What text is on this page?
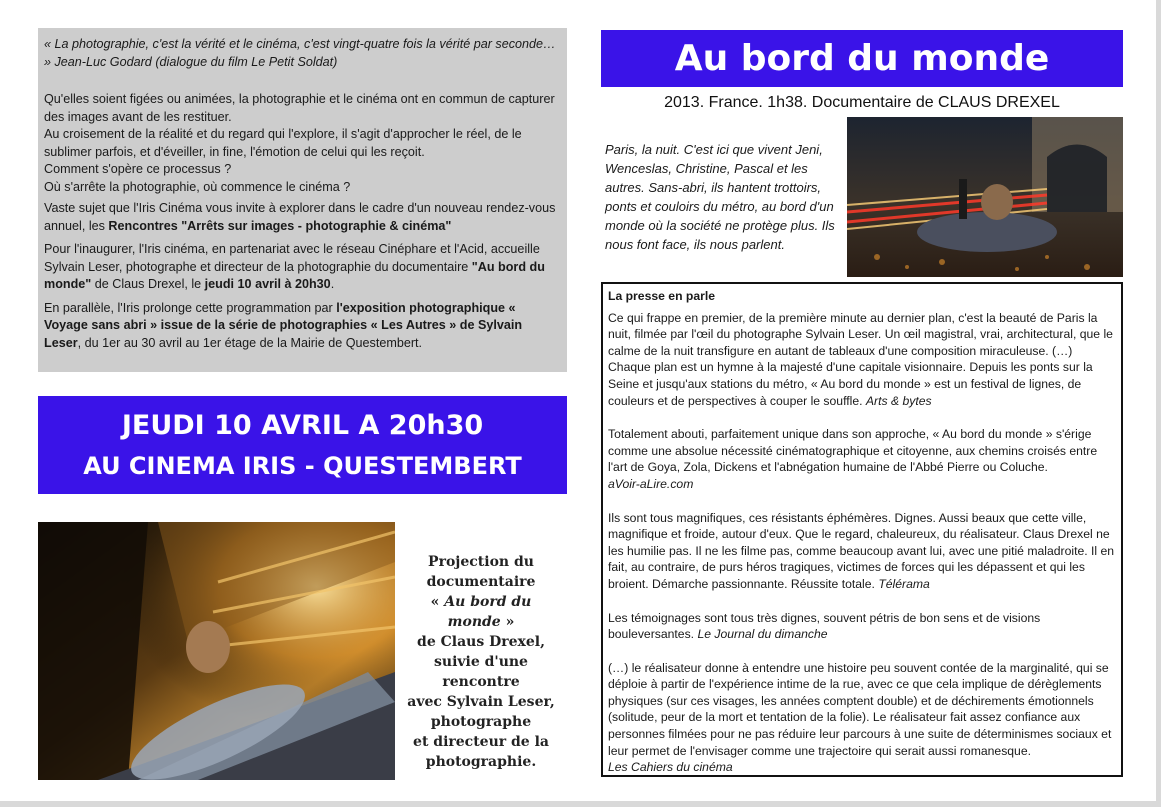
« La photographie, c'est la vérité et le cinéma, c'est vingt-quatre fois la vérité par seconde… » Jean-Luc Godard (dialogue du film Le Petit Soldat)

Qu'elles soient figées ou animées, la photographie et le cinéma ont en commun de capturer des images avant de les restituer.
Au croisement de la réalité et du regard qui l'explore, il s'agit d'approcher le réel, de le sublimer parfois, et d'éveiller, in fine, l'émotion de celui qui les reçoit.
Comment s'opère ce processus ?
Où s'arrête la photographie, où commence le cinéma ?

Vaste sujet que l'Iris Cinéma vous invite à explorer dans le cadre d'un nouveau rendez-vous annuel, les Rencontres "Arrêts sur images - photographie & cinéma"

Pour l'inaugurer, l'Iris cinéma, en partenariat avec le réseau Cinéphare et l'Acid, accueille Sylvain Leser, photographe et directeur de la photographie du documentaire "Au bord du monde" de Claus Drexel, le jeudi 10 avril à 20h30.

En parallèle, l'Iris prolonge cette programmation par l'exposition photographique « Voyage sans abri » issue de la série de photographies « Les Autres » de Sylvain Leser, du 1er au 30 avril au 1er étage de la Mairie de Questembert.

JEUDI 10 AVRIL A 20h30
AU CINEMA IRIS - QUESTEMBERT
Projection du
documentaire
« Au bord du monde »
de Claus Drexel,
suivie d'une rencontre
avec Sylvain Leser,
photographe
et directeur de la
photographie.
Au bord du monde
2013. France. 1h38. Documentaire de CLAUS DREXEL
Paris, la nuit. C'est ici que vivent Jeni, Wenceslas, Christine, Pascal et les autres. Sans-abri, ils hantent trottoirs, ponts et couloirs du métro, au bord d'un monde où la société ne protège plus. Ils nous font face, ils nous parlent.
La presse en parle

Ce qui frappe en premier, de la première minute au dernier plan, c'est la beauté de Paris la nuit, filmée par l'œil du photographe Sylvain Leser. Un œil magistral, vrai, architectural, que le calme de la nuit transfigure en autant de tableaux d'une composition miraculeuse. (…) Chaque plan est un hymne à la majesté d'une capitale visionnaire. Depuis les ponts sur la Seine et jusqu'aux stations du métro, « Au bord du monde » est un festival de lignes, de couleurs et de perspectives à couper le souffle. Arts & bytes

Totalement abouti, parfaitement unique dans son approche, « Au bord du monde » s'érige comme une absolue nécessité cinématographique et citoyenne, aux chemins croisés entre l'art de Goya, Zola, Dickens et l'abnégation humaine de l'Abbé Pierre ou Coluche.
aVoir-aLire.com

Ils sont tous magnifiques, ces résistants éphémères. Dignes. Aussi beaux que cette ville, magnifique et froide, autour d'eux. Que le regard, chaleureux, du réalisateur. Claus Drexel ne les humilie pas. Il ne les filme pas, comme beaucoup avant lui, avec une pitié maladroite. Il en fait, au contraire, de purs héros tragiques, victimes de forces qui les dépassent et qui les broient. Démarche passionnante. Réussite totale. Télérama

Les témoignages sont tous très dignes, souvent pétris de bon sens et de visions bouleversantes. Le Journal du dimanche

(…) le réalisateur donne à entendre une histoire peu souvent contée de la marginalité, qui se déploie à partir de l'expérience intime de la rue, avec ce que cela implique de dérèglements physiques (sur ces visages, les années comptent double) et de déchirements émotionnels (solitude, peur de la mort et tentation de la folie). Le réalisateur fait assez confiance aux personnes filmées pour ne pas réduire leur parcours à une suite de déterminismes sociaux et leur permet de l'envisager comme une trajectoire qui serait aussi romanesque.
Les Cahiers du cinéma
